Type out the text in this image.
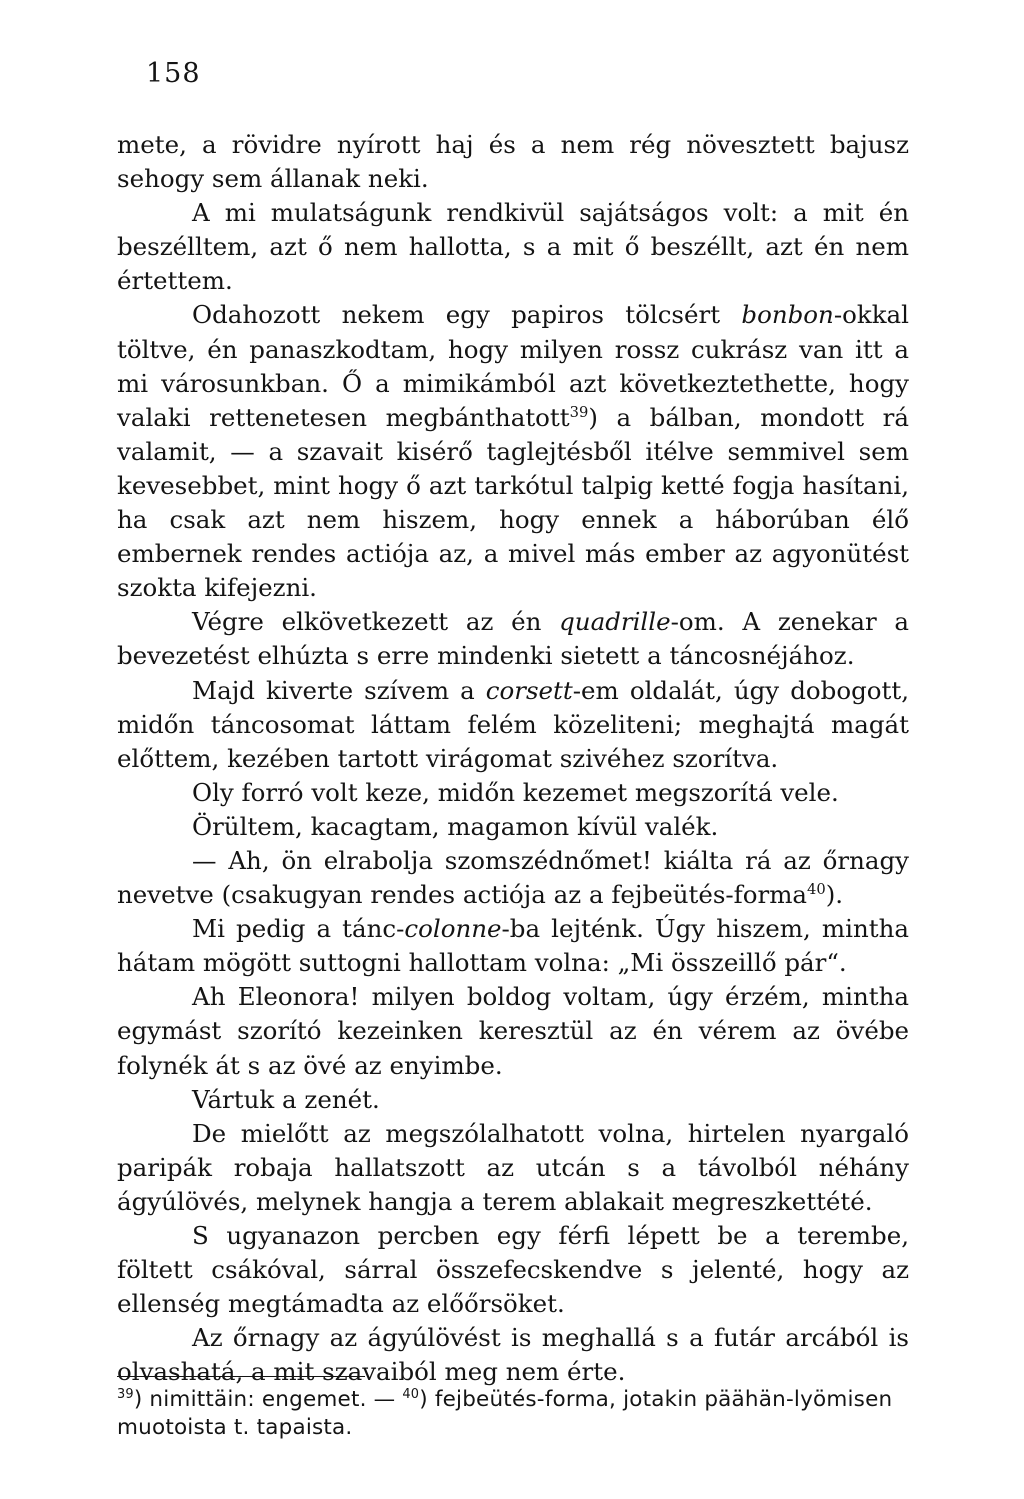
158

mete, a rövidre nyírott haj és a nem rég növesztett bajusz sehogy sem állanak neki.

A mi mulatságunk rendkivül sajátságos volt: a mit én beszélltem, azt ő nem hallotta, s a mit ő beszéllt, azt én nem értettem.

Odahozott nekem egy papiros tölcsért bonbon-okkal töltve, én panaszkodtam, hogy milyen rossz cukrász van itt a mi városunkban. Ő a mimikámból azt következtethette, hogy valaki rettenetesen megbánthatott$^{39}$) a bálban, mondott rá valamit, — a szavait kisérő taglejtésből itélve semmivel sem kevesebbet, mint hogy ő azt tarkótul talpig ketté fogja hasítani, ha csak azt nem hiszem, hogy ennek a háborúban élő embernek rendes actiója az, a mivel más ember az agyonütést szokta kifejezni.

Végre elkövetkezett az én quadrille-om. A zenekar a bevezetést elhúzta s erre mindenki sietett a táncosnéjához.

Majd kiverte szívem a corsett-em oldalát, úgy dobogott, midőn táncosomat láttam felém közeliteni; meghajtá magát előttem, kezében tartott virágomat szivéhez szorítva.

Oly forró volt keze, midőn kezemet megszorítá vele.

Örültem, kacagtam, magamon kívül valék.

— Ah, ön elrabolja szomszédnőmet! kiálta rá az őrnagy nevetve (csakugyan rendes actiója az a fejbeütés-forma$^{40}$).

Mi pedig a tánc-colonne-ba lejténk. Úgy hiszem, mintha hátam mögött suttogni hallottam volna: „Mi összeillő pár“.

Ah Eleonora! milyen boldog voltam, úgy érzém, mintha egymást szorító kezeinken keresztül az én vérem az övébe folynék át s az övé az enyimbe.

Vártuk a zenét.

De mielőtt az megszólalhatott volna, hirtelen nyargaló paripák robaja hallatszott az utcán s a távolból néhány ágyúlövés, melynek hangja a terem ablakait megreszkettété.

S ugyanazon percben egy férfi lépett be a terembe, föltett csákóval, sárral összefecskendve s jelenté, hogy az ellenség megtámadta az előőrsöket.

Az őrnagy az ágyúlövést is meghallá s a futár arcából is olvashatá, a mit szavaiból meg nem érte.

$^{39}$) nimittäin: engemet. — $^{40}$) fejbeütés-forma, jotakin päähän-lyömisen muotoista t. tapaista.
